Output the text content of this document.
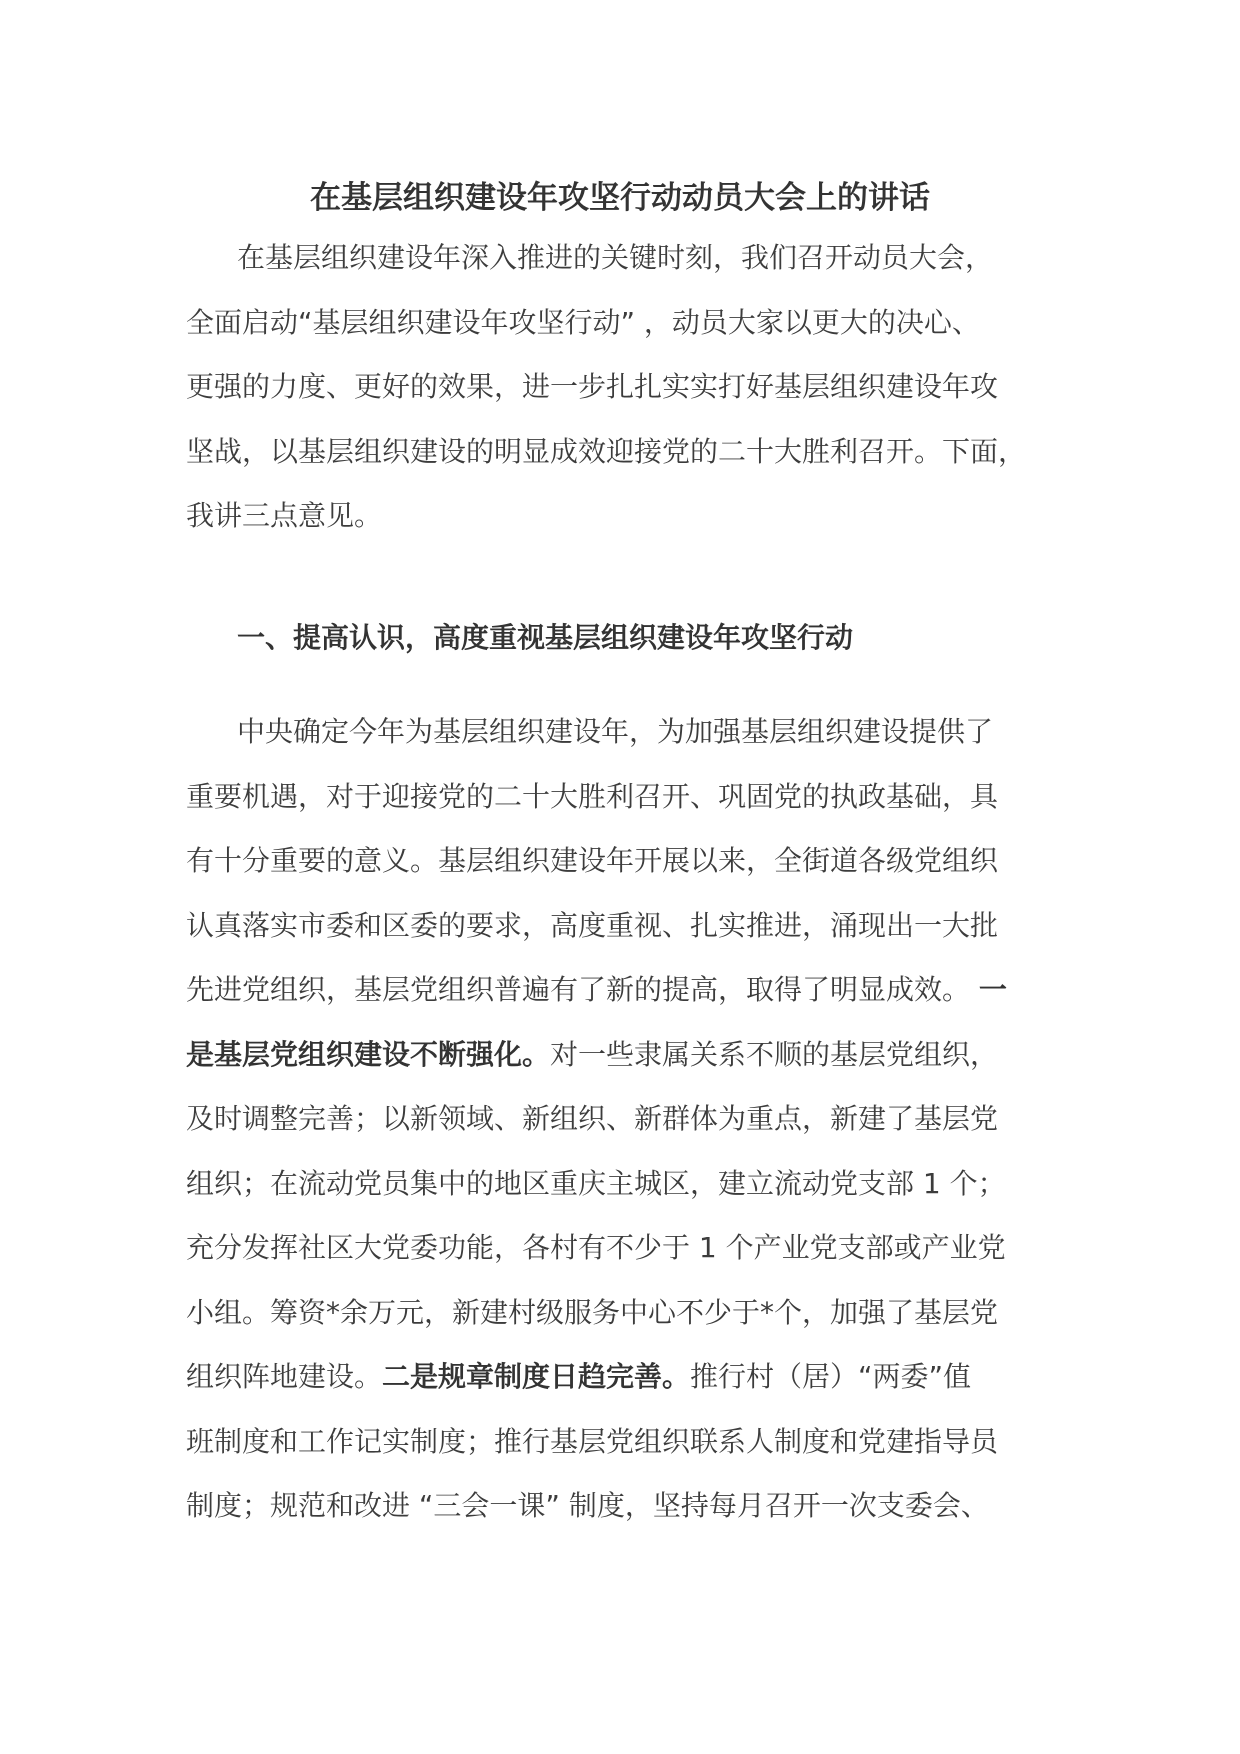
在基层组织建设年攻坚行动动员大会上的讲话
在基层组织建设年深入推进的关键时刻，我们召开动员大会，
全面启动“基层组织建设年攻坚行动” ，动员大家以更大的决心、
更强的力度、更好的效果，进一步扎扎实实打好基层组织建设年攻
坚战，以基层组织建设的明显成效迎接党的二十大胜利召开。下面，
我讲三点意见。
一、提高认识，高度重视基层组织建设年攻坚行动
中央确定今年为基层组织建设年，为加强基层组织建设提供了
重要机遇，对于迎接党的二十大胜利召开、巩固党的执政基础，具
有十分重要的意义。基层组织建设年开展以来，全街道各级党组织
认真落实市委和区委的要求，高度重视、扎实推进，涌现出一大批
先进党组织，基层党组织普遍有了新的提高，取得了明显成效。 一
是基层党组织建设不断强化。对一些隶属关系不顺的基层党组织，
及时调整完善；以新领域、新组织、新群体为重点，新建了基层党
组织；在流动党员集中的地区重庆主城区，建立流动党支部 1 个；
充分发挥社区大党委功能，各村有不少于 1 个产业党支部或产业党
小组。筹资*余万元，新建村级服务中心不少于*个，加强了基层党
组织阵地建设。二是规章制度日趋完善。推行村（居）“两委”值
班制度和工作记实制度；推行基层党组织联系人制度和党建指导员
制度；规范和改进 “三会一课” 制度，坚持每月召开一次支委会、
